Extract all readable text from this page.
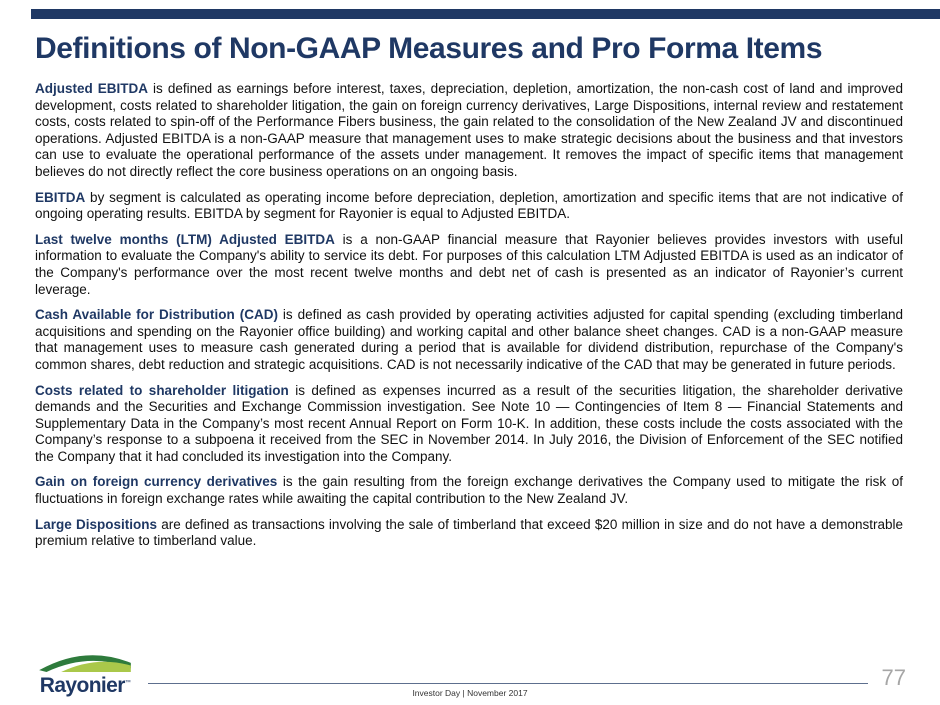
Definitions of Non-GAAP Measures and Pro Forma Items

Adjusted EBITDA is defined as earnings before interest, taxes, depreciation, depletion, amortization, the non-cash cost of land and improved development, costs related to shareholder litigation, the gain on foreign currency derivatives, Large Dispositions, internal review and restatement costs, costs related to spin-off of the Performance Fibers business, the gain related to the consolidation of the New Zealand JV and discontinued operations. Adjusted EBITDA is a non-GAAP measure that management uses to make strategic decisions about the business and that investors can use to evaluate the operational performance of the assets under management. It removes the impact of specific items that management believes do not directly reflect the core business operations on an ongoing basis.

EBITDA by segment is calculated as operating income before depreciation, depletion, amortization and specific items that are not indicative of ongoing operating results. EBITDA by segment for Rayonier is equal to Adjusted EBITDA.

Last twelve months (LTM) Adjusted EBITDA is a non-GAAP financial measure that Rayonier believes provides investors with useful information to evaluate the Company's ability to service its debt. For purposes of this calculation LTM Adjusted EBITDA is used as an indicator of the Company's performance over the most recent twelve months and debt net of cash is presented as an indicator of Rayonier’s current leverage.

Cash Available for Distribution (CAD) is defined as cash provided by operating activities adjusted for capital spending (excluding timberland acquisitions and spending on the Rayonier office building) and working capital and other balance sheet changes. CAD is a non-GAAP measure that management uses to measure cash generated during a period that is available for dividend distribution, repurchase of the Company's common shares, debt reduction and strategic acquisitions. CAD is not necessarily indicative of the CAD that may be generated in future periods.

Costs related to shareholder litigation is defined as expenses incurred as a result of the securities litigation, the shareholder derivative demands and the Securities and Exchange Commission investigation. See Note 10 — Contingencies of Item 8 — Financial Statements and Supplementary Data in the Company’s most recent Annual Report on Form 10-K. In addition, these costs include the costs associated with the Company’s response to a subpoena it received from the SEC in November 2014. In July 2016, the Division of Enforcement of the SEC notified the Company that it had concluded its investigation into the Company.

Gain on foreign currency derivatives is the gain resulting from the foreign exchange derivatives the Company used to mitigate the risk of fluctuations in foreign exchange rates while awaiting the capital contribution to the New Zealand JV.

Large Dispositions are defined as transactions involving the sale of timberland that exceed $20 million in size and do not have a demonstrable premium relative to timberland value.

Rayonier™
Investor Day | November 2017
77
